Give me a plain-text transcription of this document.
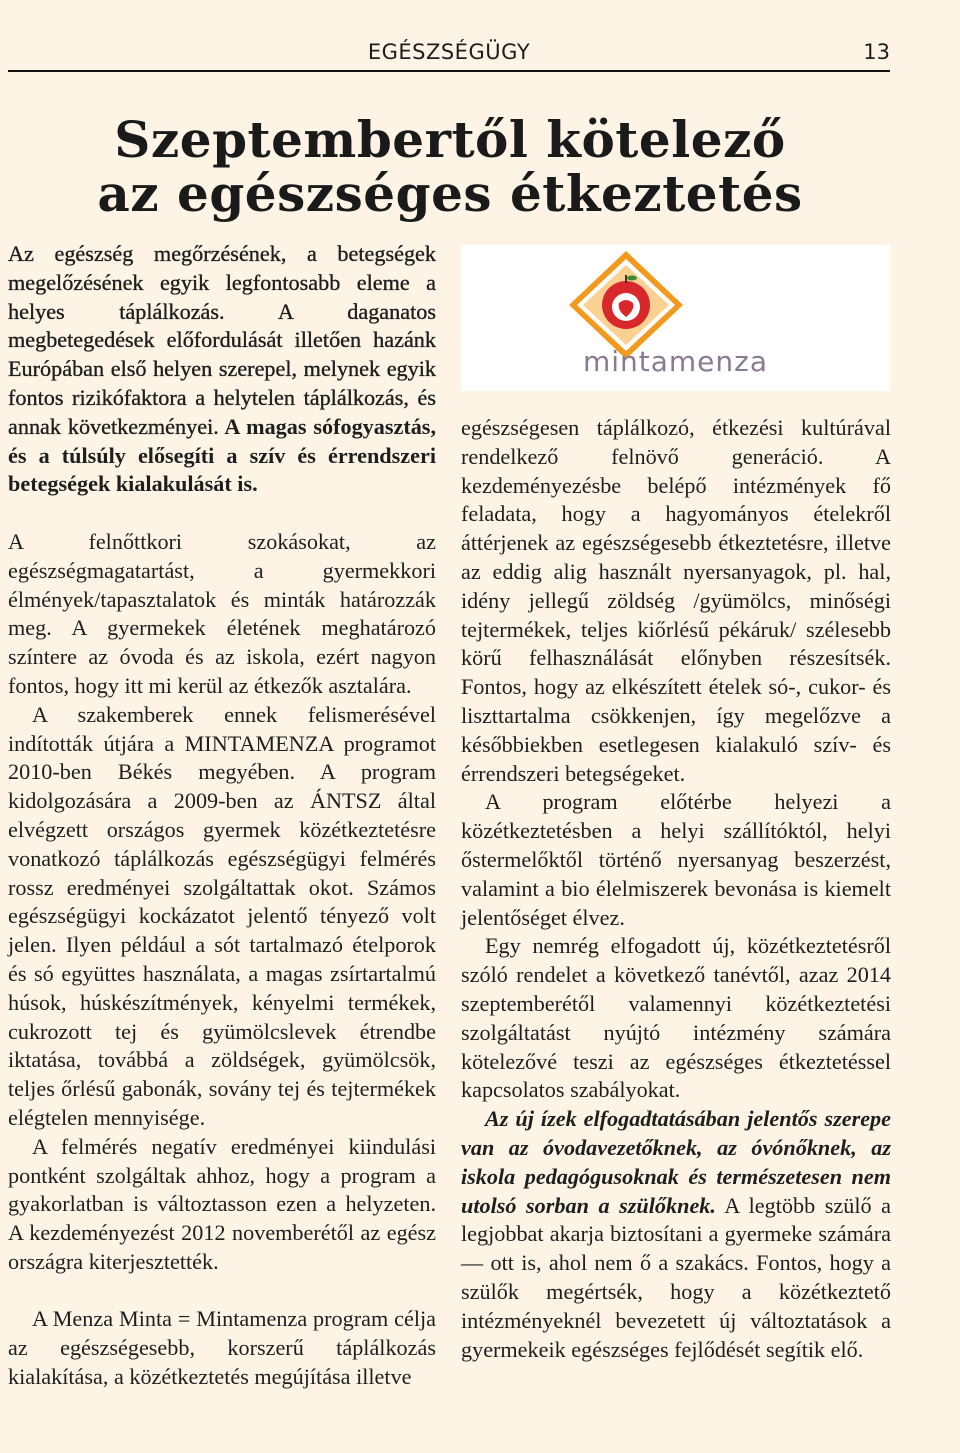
EGÉSZSÉGÜGY	13
Szeptembertől kötelező
az egészséges étkeztetés

Az egészség megőrzésének, a betegségek megelőzésének egyik legfontosabb eleme a helyes táplálkozás. A daganatos megbetegedések előfordulását illetően hazánk Európában első helyen szerepel, melynek egyik fontos rizikófaktora a helytelen táplálkozás, és annak következményei. A magas sófogyasztás, és a túlsúly elősegíti a szív és érrendszeri betegségek kialakulását is.

A felnőttkori szokásokat, az egészségmagatartást, a gyermekkori élmények/tapasztalatok és minták határozzák meg. A gyermekek életének meghatározó színtere az óvoda és az iskola, ezért nagyon fontos, hogy itt mi kerül az étkezők asztalára.

A szakemberek ennek felismerésével indították útjára a MINTAMENZA programot 2010-ben Békés megyében. A program kidolgozására a 2009-ben az ÁNTSZ által elvégzett országos gyermek közétkeztetésre vonatkozó táplálkozás egészségügyi felmérés rossz eredményei szolgáltattak okot. Számos egészségügyi kockázatot jelentő tényező volt jelen. Ilyen például a sót tartalmazó ételporok és só együttes használata, a magas zsírtartalmú húsok, húskészítmények, kényelmi termékek, cukrozott tej és gyümölcslevek étrendbe iktatása, továbbá a zöldségek, gyümölcsök, teljes őrlésű gabonák, sovány tej és tejtermékek elégtelen mennyisége.

A felmérés negatív eredményei kiindulási pontként szolgáltak ahhoz, hogy a program a gyakorlatban is változtasson ezen a helyzeten. A kezdeményezést 2012 novemberétől az egész országra kiterjesztették.

A Menza Minta = Mintamenza program célja az egészségesebb, korszerű táplálkozás kialakítása, a közétkeztetés megújítása illetve

mintamenza

egészségesen táplálkozó, étkezési kultúrával rendelkező felnövő generáció. A kezdeményezésbe belépő intézmények fő feladata, hogy a hagyományos ételekről áttérjenek az egészségesebb étkeztetésre, illetve az eddig alig használt nyersanyagok, pl. hal, idény jellegű zöldség /gyümölcs, minőségi tejtermékek, teljes kiőrlésű pékáruk/ szélesebb körű felhasználását előnyben részesítsék. Fontos, hogy az elkészített ételek só-, cukor- és liszttartalma csökkenjen, így megelőzve a későbbiekben esetlegesen kialakuló szív- és érrendszeri betegségeket.

A program előtérbe helyezi a közétkeztetésben a helyi szállítóktól, helyi őstermelőktől történő nyersanyag beszerzést, valamint a bio élelmiszerek bevonása is kiemelt jelentőséget élvez.

Egy nemrég elfogadott új, közétkeztetésről szóló rendelet a következő tanévtől, azaz 2014 szeptemberétől valamennyi közétkeztetési szolgáltatást nyújtó intézmény számára kötelezővé teszi az egészséges étkeztetéssel kapcsolatos szabályokat.

Az új ízek elfogadtatásában jelentős szerepe van az óvodavezetőknek, az óvónőknek, az iskola pedagógusoknak és természetesen nem utolsó sorban a szülőknek. A legtöbb szülő a legjobbat akarja biztosítani a gyermeke számára — ott is, ahol nem ő a szakács. Fontos, hogy a szülők megértsék, hogy a közétkeztető intézményeknél bevezetett új változtatások a gyermekeik egészséges fejlődését segítik elő.
